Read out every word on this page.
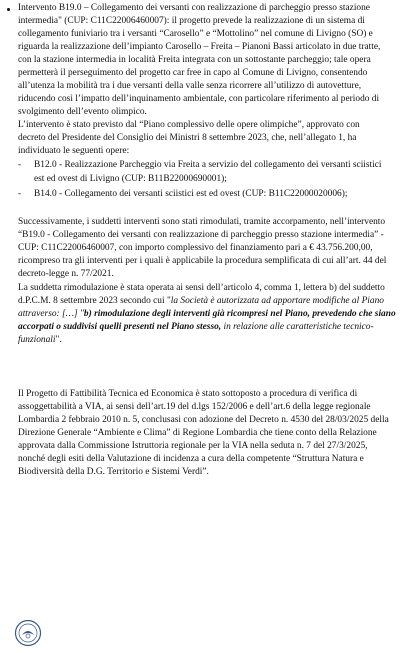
Intervento B19.0 – Collegamento dei versanti con realizzazione di parcheggio presso stazione
intermedia" (CUP: C11C22006460007): il progetto prevede la realizzazione di un sistema di
collegamento funiviario tra i versanti “Carosello” e “Mottolino” nel comune di Livigno (SO) e
riguarda la realizzazione dell’impianto Carosello – Freita – Pianoni Bassi articolato in due tratte,
con la stazione intermedia in località Freita integrata con un sottostante parcheggio; tale opera
permetterà il perseguimento del progetto car free in capo al Comune di Livigno, consentendo
all’utenza la mobilità tra i due versanti della valle senza ricorrere all’utilizzo di autovetture,
riducendo così l’impatto dell’inquinamento ambientale, con particolare riferimento al periodo di
svolgimento dell’evento olimpico.
L’intervento è stato previsto dal “Piano complessivo delle opere olimpiche”, approvato con
decreto del Presidente del Consiglio dei Ministri 8 settembre 2023, che, nell’allegato 1, ha
individuato le seguenti opere:
- B12.0 - Realizzazione Parcheggio via Freita a servizio del collegamento dei versanti sciistici
est ed ovest di Livigno (CUP: B11B22000690001);
- B14.0 - Collegamento dei versanti sciistici est ed ovest (CUP: B11C22000020006);
Successivamente, i suddetti interventi sono stati rimodulati, tramite accorpamento, nell’intervento
“B19.0 - Collegamento dei versanti con realizzazione di parcheggio presso stazione intermedia” -
CUP: C11C22006460007, con importo complessivo del finanziamento pari a € 43.756.200,00,
ricompreso tra gli interventi per i quali è applicabile la procedura semplificata di cui all’art. 44 del
decreto-legge n. 77/2021.
La suddetta rimodulazione è stata operata ai sensi dell’articolo 4, comma 1, lettera b) del suddetto
d.P.C.M. 8 settembre 2023 secondo cui "la Società è autorizzata ad apportare modifiche al Piano
attraverso: […] "b) rimodulazione degli interventi già ricompresi nel Piano, prevedendo che siano
accorpati o suddivisi quelli presenti nel Piano stesso, in relazione alle caratteristiche tecnico-
funzionali".
Il Progetto di Fattibilità Tecnica ed Economica è stato sottoposto a procedura di verifica di
assoggettabilità a VIA, ai sensi dell’art.19 del d.lgs 152/2006 e dell’art.6 della legge regionale
Lombardia 2 febbraio 2010 n. 5, conclusasi con adozione del Decreto n. 4530 del 28/03/2025 della
Direzione Generale “Ambiente e Clima” di Regione Lombardia che tiene conto della Relazione
approvata dalla Commissione Istruttoria regionale per la VIA nella seduta n. 7 del 27/3/2025,
nonché degli esiti della Valutazione di incidenza a cura della competente “Struttura Natura e
Biodiversità della D.G. Territorio e Sistemi Verdi”.
